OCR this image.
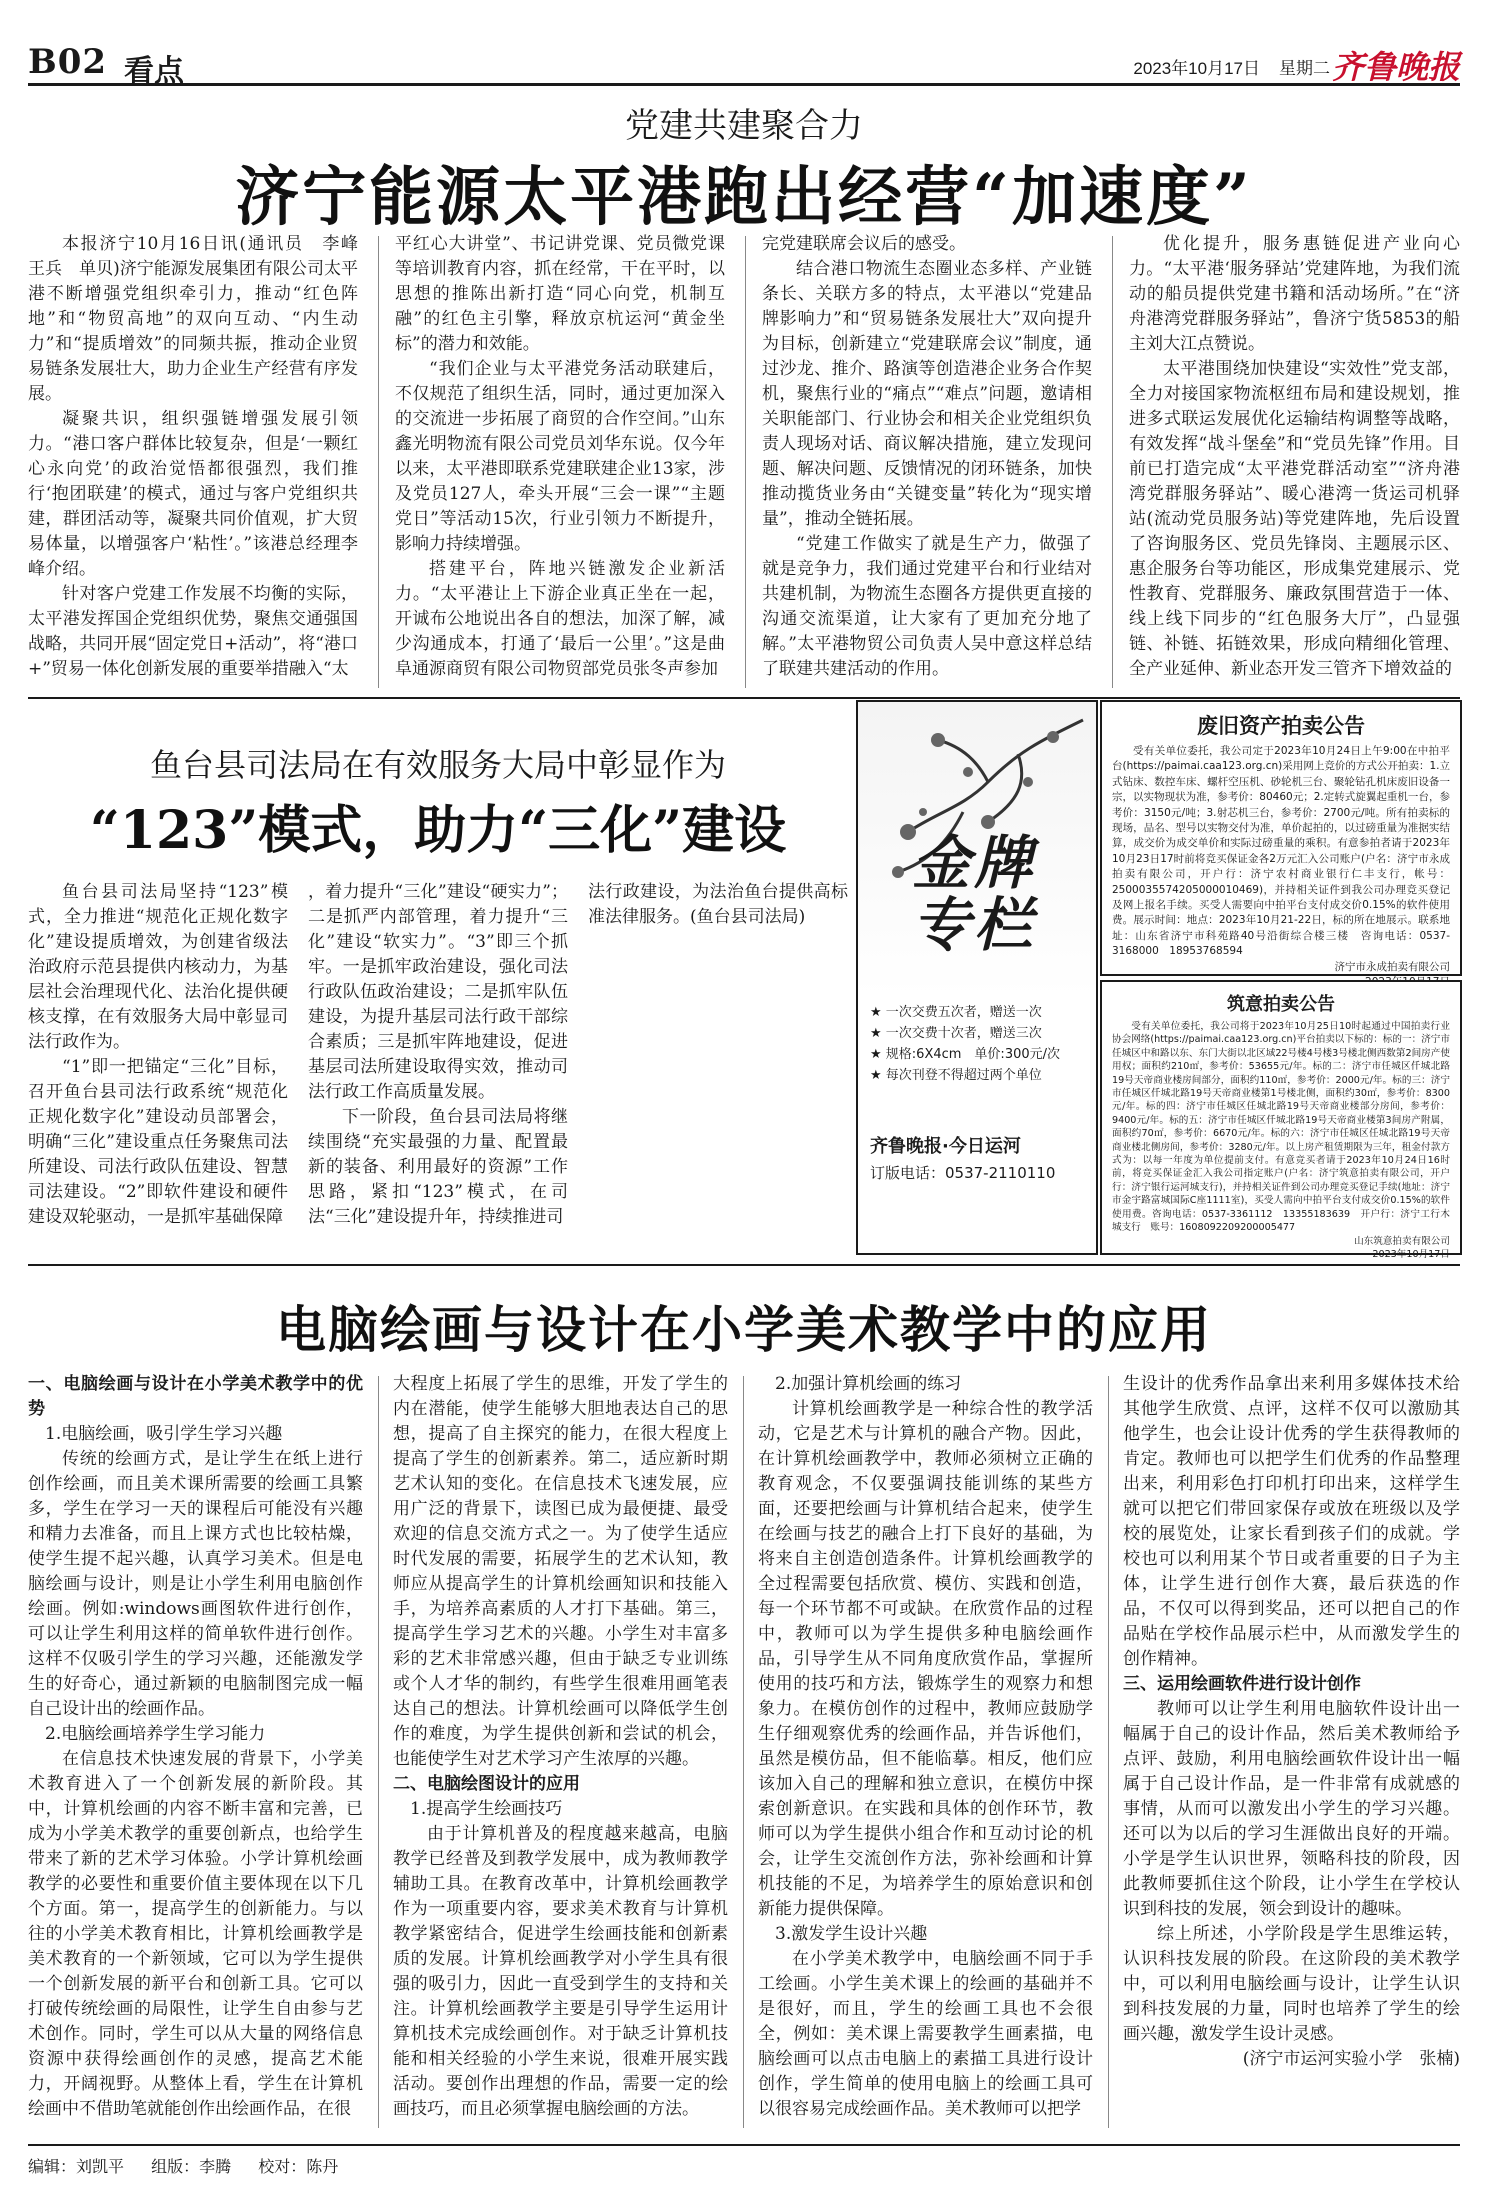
B02 看点	2023年10月17日 星期二 齐鲁晚报
党建共建聚合力
济宁能源太平港跑出经营“加速度”

本报济宁10月16日讯(通讯员　李峰　王兵　单贝)济宁能源发展集团有限公司太平港不断增强党组织牵引力，推动“红色阵地”和“物贸高地”的双向互动、“内生动力”和“提质增效”的同频共振，推动企业贸易链条发展壮大，助力企业生产经营有序发展。

凝聚共识，组织强链增强发展引领力。“港口客户群体比较复杂，但是‘一颗红心永向党’的政治觉悟都很强烈，我们推行‘抱团联建’的模式，通过与客户党组织共建，群团活动等，凝聚共同价值观，扩大贸易体量，以增强客户‘粘性’。”该港总经理李峰介绍。

针对客户党建工作发展不均衡的实际，太平港发挥国企党组织优势，聚焦交通强国战略，共同开展“固定党日+活动”，将“港口+”贸易一体化创新发展的重要举措融入“太

平红心大讲堂”、书记讲党课、党员微党课等培训教育内容，抓在经常，干在平时，以思想的推陈出新打造“同心向党，机制互融”的红色主引擎，释放京杭运河“黄金坐标”的潜力和效能。

“我们企业与太平港党务活动联建后，不仅规范了组织生活，同时，通过更加深入的交流进一步拓展了商贸的合作空间。”山东鑫光明物流有限公司党员刘华东说。仅今年以来，太平港即联系党建联建企业13家，涉及党员127人，牵头开展“三会一课”“主题党日”等活动15次，行业引领力不断提升，影响力持续增强。

搭建平台，阵地兴链激发企业新活力。“太平港让上下游企业真正坐在一起，开诚布公地说出各自的想法，加深了解，减少沟通成本，打通了‘最后一公里’。”这是曲阜通源商贸有限公司物贸部党员张冬声参加

完党建联席会议后的感受。

结合港口物流生态圈业态多样、产业链条长、关联方多的特点，太平港以“党建品牌影响力”和“贸易链条发展壮大”双向提升为目标，创新建立“党建联席会议”制度，通过沙龙、推介、路演等创造港企业务合作契机，聚焦行业的“痛点”“难点”问题，邀请相关职能部门、行业协会和相关企业党组织负责人现场对话、商议解决措施，建立发现问题、解决问题、反馈情况的闭环链条，加快推动揽货业务由“关键变量”转化为“现实增量”，推动全链拓展。

“党建工作做实了就是生产力，做强了就是竞争力，我们通过党建平台和行业结对共建机制，为物流生态圈各方提供更直接的沟通交流渠道，让大家有了更加充分地了解。”太平港物贸公司负责人吴中意这样总结了联建共建活动的作用。

优化提升，服务惠链促进产业向心力。“太平港‘服务驿站’党建阵地，为我们流动的船员提供党建书籍和活动场所。”在“济舟港湾党群服务驿站”，鲁济宁货5853的船主刘大江点赞说。

太平港围绕加快建设“实效性”党支部，全力对接国家物流枢纽布局和建设规划，推进多式联运发展优化运输结构调整等战略，有效发挥“战斗堡垒”和“党员先锋”作用。目前已打造完成“太平港党群活动室”“济舟港湾党群服务驿站”、暖心港湾一货运司机驿站(流动党员服务站)等党建阵地，先后设置了咨询服务区、党员先锋岗、主题展示区、惠企服务台等功能区，形成集党建展示、党性教育、党群服务、廉政氛围营造于一体、线上线下同步的“红色服务大厅”，凸显强链、补链、拓链效果，形成向精细化管理、全产业延伸、新业态开发三管齐下增效益的

鱼台县司法局在有效服务大局中彰显作为
“123”模式，助力“三化”建设

鱼台县司法局坚持“123”模式，全力推进“规范化正规化数字化”建设提质增效，为创建省级法治政府示范县提供内核动力，为基层社会治理现代化、法治化提供硬核支撑，在有效服务大局中彰显司法行政作为。

“1”即一把锚定“三化”目标，召开鱼台县司法行政系统“规范化正规化数字化”建设动员部署会，明确“三化”建设重点任务聚焦司法所建设、司法行政队伍建设、智慧司法建设。“2”即软件建设和硬件建设双轮驱动，一是抓牢基础保障

，着力提升“三化”建设“硬实力”；二是抓严内部管理，着力提升“三化”建设“软实力”。“3”即三个抓牢。一是抓牢政治建设，强化司法行政队伍政治建设；二是抓牢队伍建设，为提升基层司法行政干部综合素质；三是抓牢阵地建设，促进基层司法所建设取得实效，推动司法行政工作高质量发展。

下一阶段，鱼台县司法局将继续围绕“充实最强的力量、配置最新的装备、利用最好的资源”工作思路，紧扣“123”模式，在司法“三化”建设提升年，持续推进司

法行政建设，为法治鱼台提供高标准法律服务。(鱼台县司法局)

金牌专栏
★ 一次交费五次者，赠送一次
★ 一次交费十次者，赠送三次
★ 规格:6X4cm　单价:300元/次
★ 每次刊登不得超过两个单位
齐鲁晚报·今日运河
订版电话：0537-2110110
废旧资产拍卖公告

受有关单位委托，我公司定于2023年10月24日上午9:00在中拍平台(https://paimai.caa123.org.cn)采用网上竞价的方式公开拍卖：1.立式钻床、数控车床、螺杆空压机、砂轮机三台、聚轮钻孔机床废旧设备一宗，以实物现状为准，参考价：80460元；2.定转式旋翼起重机一台，参考价：3150元/吨；3.射芯机三台，参考价：2700元/吨。所有拍卖标的现场，品名、型号以实物交付为准，单价起拍的，以过磅重量为准据实结算，成交价为成交单价和实际过磅重量的乘积。有意参拍者请于2023年10月23日17时前将竞买保证金各2万元汇入公司账户(户名：济宁市永成拍卖有限公司，开户行：济宁农村商业银行仁丰支行，帐号：2500035574205000010469)，并持相关证件到我公司办理竞买登记及网上报名手续。买受人需要向中拍平台支付成交价0.15%的软件使用费。展示时间：地点：2023年10月21-22日，标的所在地展示。联系地址：山东省济宁市科苑路40号沿街综合楼三楼　咨询电话：0537-3168000　18953768594

济宁市永成拍卖有限公司

筑意拍卖公告

受有关单位委托，我公司将于2023年10月25日10时起通过中国拍卖行业协会网络(https://paimai.caa123.org.cn)平台拍卖以下标的：标的一：济宁市任城区中和路以东、东门大街以北区域22号楼4号楼3号楼北侧西数第2间房产使用权；面积约210㎡，参考价：53655元/年。标的二：济宁市任城区仟城北路19号天帝商业楼房间部分，面积约110㎡，参考价：2000元/年。标的三：济宁市任城区仟城北路19号天帝商业楼第1号楼北侧，面积约30㎡，参考价：8300元/年。标的四：济宁市任城区任城北路19号天帝商业楼部分房间，参考价：9400元/年。标的五：济宁市任城区仟城北路19号天帝商业楼第3间房产附属，面积约70㎡，参考价：6670元/年。标的六：济宁市任城区任城北路19号天帝商业楼北侧房间，参考价：3280元/年。以上房产租赁期限为三年，租金付款方式为：以每一年度为单位提前支付。有意竞买者请于2023年10月24日16时前，将竞买保证金汇入我公司指定账户(户名：济宁筑意拍卖有限公司，开户行：济宁银行运河城支行)，并持相关证件到公司办理竞买登记手续(地址：济宁市金宇路富城国际C座1111室)，买受人需向中拍平台支付成交价0.15%的软件使用费。咨询电话：0537-3361112　13355183639　开户行：济宁工行木城支行　账号：1608092209200005477

山东筑意拍卖有限公司
2023年10月17日
电脑绘画与设计在小学美术教学中的应用
一、电脑绘画与设计在小学美术教学中的优势
1.电脑绘画，吸引学生学习兴趣

传统的绘画方式，是让学生在纸上进行创作绘画，而且美术课所需要的绘画工具繁多，学生在学习一天的课程后可能没有兴趣和精力去准备，而且上课方式也比较枯燥，使学生提不起兴趣，认真学习美术。但是电脑绘画与设计，则是让小学生利用电脑创作绘画。例如:windows画图软件进行创作，可以让学生利用这样的简单软件进行创作。这样不仅吸引学生的学习兴趣，还能激发学生的好奇心，通过新颖的电脑制图完成一幅自己设计出的绘画作品。

2.电脑绘画培养学生学习能力

在信息技术快速发展的背景下，小学美术教育进入了一个创新发展的新阶段。其中，计算机绘画的内容不断丰富和完善，已成为小学美术教学的重要创新点，也给学生带来了新的艺术学习体验。小学计算机绘画教学的必要性和重要价值主要体现在以下几个方面。第一，提高学生的创新能力。与以往的小学美术教育相比，计算机绘画教学是美术教育的一个新领域，它可以为学生提供一个创新发展的新平台和创新工具。它可以打破传统绘画的局限性，让学生自由参与艺术创作。同时，学生可以从大量的网络信息资源中获得绘画创作的灵感，提高艺术能力，开阔视野。从整体上看，学生在计算机绘画中不借助笔就能创作出绘画作品，在很

大程度上拓展了学生的思维，开发了学生的内在潜能，使学生能够大胆地表达自己的思想，提高了自主探究的能力，在很大程度上提高了学生的创新素养。第二，适应新时期艺术认知的变化。在信息技术飞速发展，应用广泛的背景下，读图已成为最便捷、最受欢迎的信息交流方式之一。为了使学生适应时代发展的需要，拓展学生的艺术认知，教师应从提高学生的计算机绘画知识和技能入手，为培养高素质的人才打下基础。第三，提高学生学习艺术的兴趣。小学生对丰富多彩的艺术非常感兴趣，但由于缺乏专业训练或个人才华的制约，有些学生很难用画笔表达自己的想法。计算机绘画可以降低学生创作的难度，为学生提供创新和尝试的机会，也能使学生对艺术学习产生浓厚的兴趣。

二、电脑绘图设计的应用
1.提高学生绘画技巧

由于计算机普及的程度越来越高，电脑教学已经普及到教学发展中，成为教师教学辅助工具。在教育改革中，计算机绘画教学作为一项重要内容，要求美术教育与计算机教学紧密结合，促进学生绘画技能和创新素质的发展。计算机绘画教学对小学生具有很强的吸引力，因此一直受到学生的支持和关注。计算机绘画教学主要是引导学生运用计算机技术完成绘画创作。对于缺乏计算机技能和相关经验的小学生来说，很难开展实践活动。要创作出理想的作品，需要一定的绘画技巧，而且必须掌握电脑绘画的方法。

2.加强计算机绘画的练习

计算机绘画教学是一种综合性的教学活动，它是艺术与计算机的融合产物。因此，在计算机绘画教学中，教师必须树立正确的教育观念，不仅要强调技能训练的某些方面，还要把绘画与计算机结合起来，使学生在绘画与技艺的融合上打下良好的基础，为将来自主创造创造条件。计算机绘画教学的全过程需要包括欣赏、模仿、实践和创造，每一个环节都不可或缺。在欣赏作品的过程中，教师可以为学生提供多种电脑绘画作品，引导学生从不同角度欣赏作品，掌握所使用的技巧和方法，锻炼学生的观察力和想象力。在模仿创作的过程中，教师应鼓励学生仔细观察优秀的绘画作品，并告诉他们，虽然是模仿品，但不能临摹。相反，他们应该加入自己的理解和独立意识，在模仿中探索创新意识。在实践和具体的创作环节，教师可以为学生提供小组合作和互动讨论的机会，让学生交流创作方法，弥补绘画和计算机技能的不足，为培养学生的原始意识和创新能力提供保障。

3.激发学生设计兴趣

在小学美术教学中，电脑绘画不同于手工绘画。小学生美术课上的绘画的基础并不是很好，而且，学生的绘画工具也不会很全，例如：美术课上需要教学生画素描，电脑绘画可以点击电脑上的素描工具进行设计创作，学生简单的使用电脑上的绘画工具可以很容易完成绘画作品。美术教师可以把学

生设计的优秀作品拿出来利用多媒体技术给其他学生欣赏、点评，这样不仅可以激励其他学生，也会让设计优秀的学生获得教师的肯定。教师也可以把学生们优秀的作品整理出来，利用彩色打印机打印出来，这样学生就可以把它们带回家保存或放在班级以及学校的展览处，让家长看到孩子们的成就。学校也可以利用某个节日或者重要的日子为主体，让学生进行创作大赛，最后获选的作品，不仅可以得到奖品，还可以把自己的作品贴在学校作品展示栏中，从而激发学生的创作精神。

三、运用绘画软件进行设计创作

教师可以让学生利用电脑软件设计出一幅属于自己的设计作品，然后美术教师给予点评、鼓励，利用电脑绘画软件设计出一幅属于自己设计作品，是一件非常有成就感的事情，从而可以激发出小学生的学习兴趣。还可以为以后的学习生涯做出良好的开端。小学是学生认识世界，领略科技的阶段，因此教师要抓住这个阶段，让小学生在学校认识到科技的发展，领会到设计的趣味。

综上所述，小学阶段是学生思维运转，认识科技发展的阶段。在这阶段的美术教学中，可以利用电脑绘画与设计，让学生认识到科技发展的力量，同时也培养了学生的绘画兴趣，激发学生设计灵感。

(济宁市运河实验小学　张楠)

编辑：刘凯平 组版：李腾 校对：陈丹
